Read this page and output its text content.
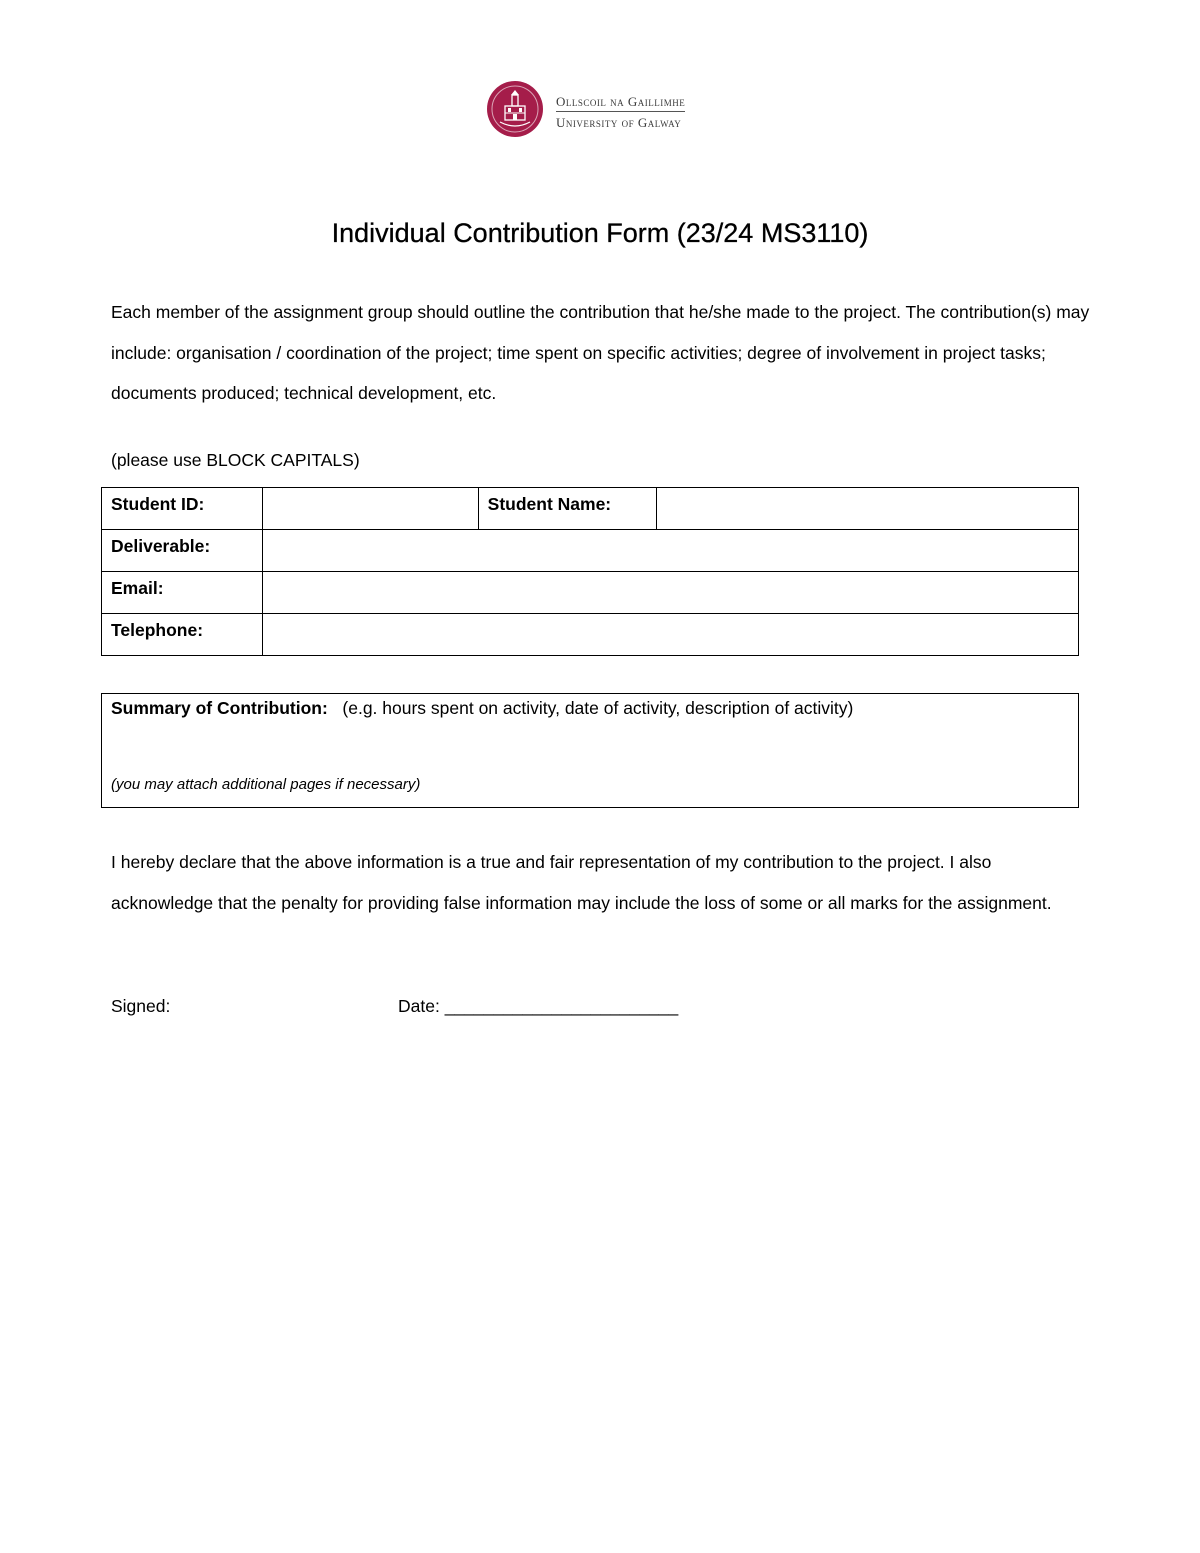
Ollscoil na Gaillimhe
University of Galway
Individual Contribution Form (23/24 MS3110)

Each member of the assignment group should outline the contribution that he/she made to the project. The contribution(s) may include: organisation / coordination of the project; time spent on specific activities; degree of involvement in project tasks; documents produced; technical development, etc.

(please use BLOCK CAPITALS)

Student ID:		Student Name:	
Deliverable:			
Email:			
Telephone:			
Summary of Contribution: (e.g. hours spent on activity, date of activity, description of activity)
(you may attach additional pages if necessary)

I hereby declare that the above information is a true and fair representation of my contribution to the project. I also acknowledge that the penalty for providing false information may include the loss of some or all marks for the assignment.

Signed:	Date: ________________________
